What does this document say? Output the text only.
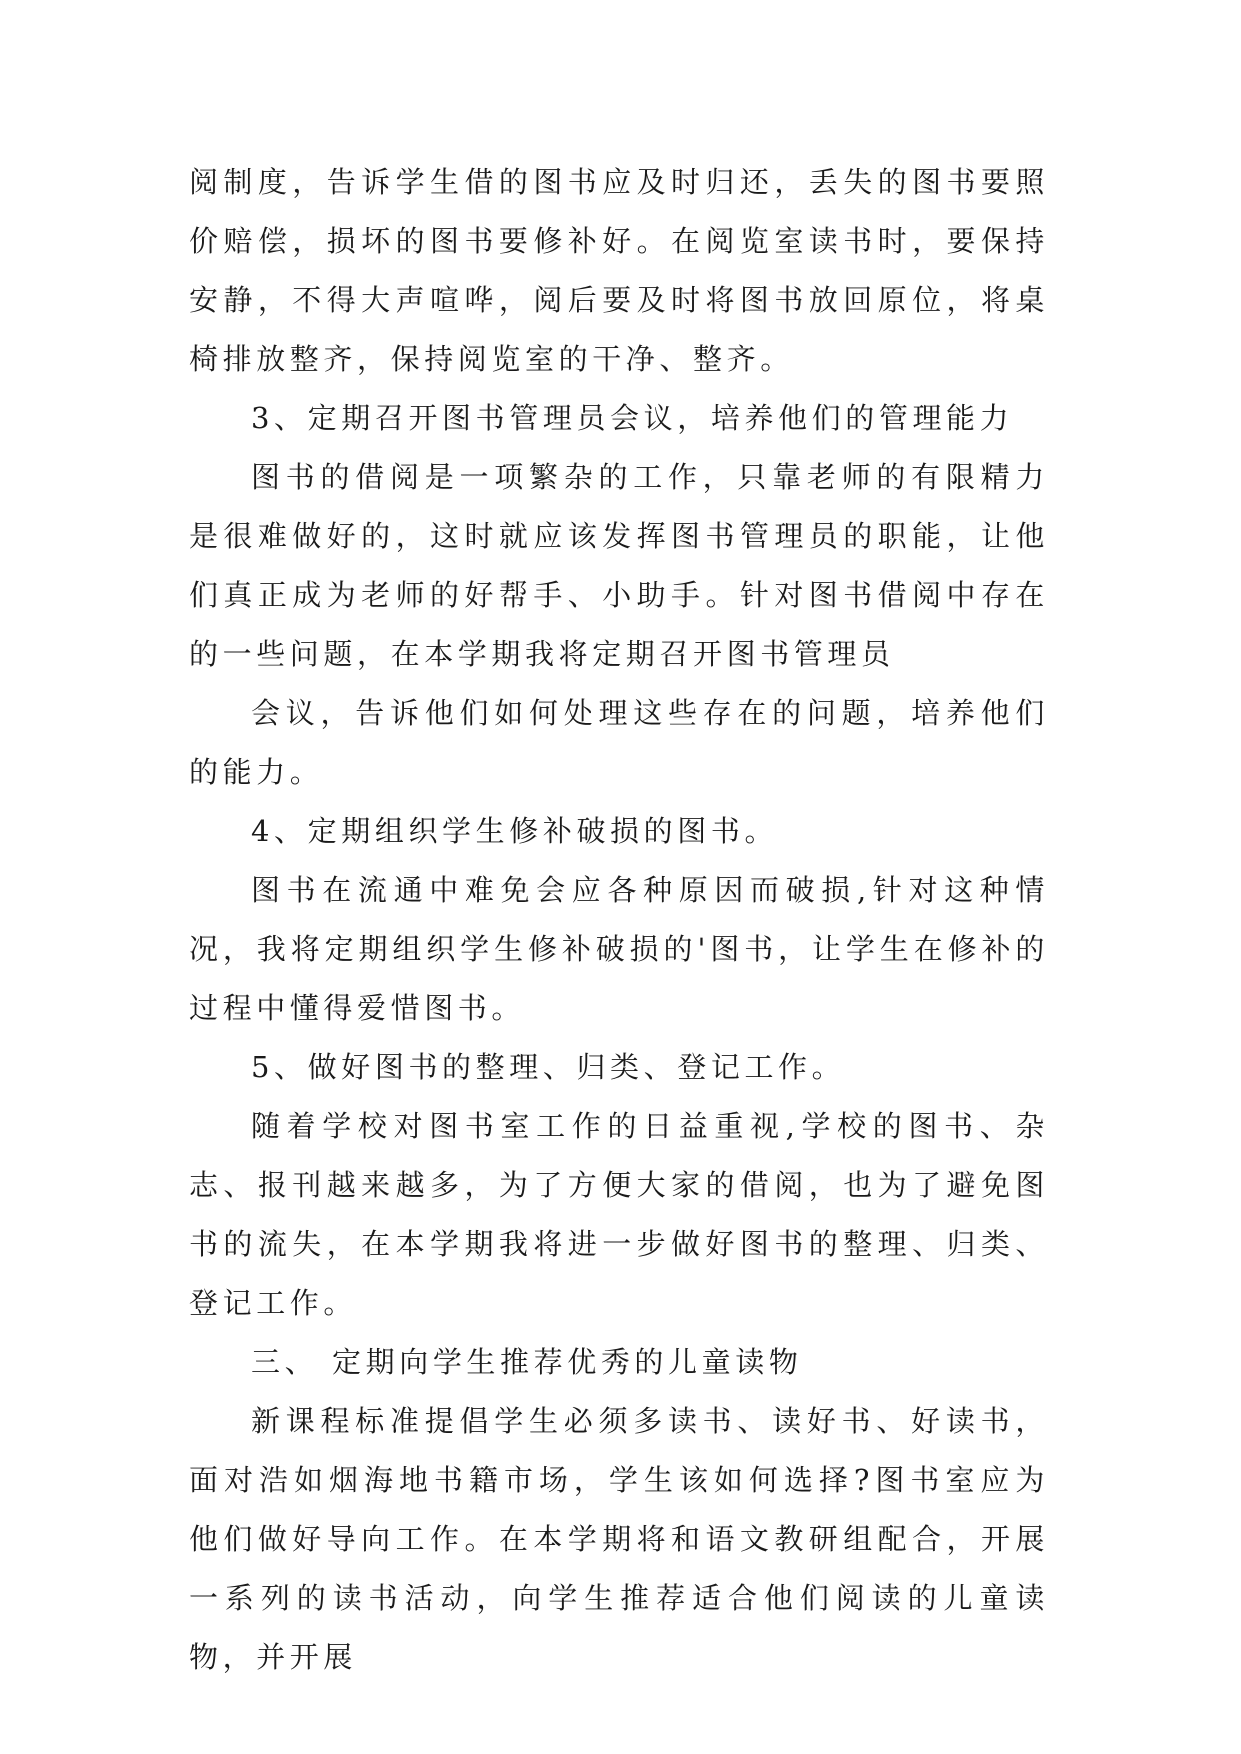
阅制度，告诉学生借的图书应及时归还，丢失的图书要照价赔偿，损坏的图书要修补好。在阅览室读书时，要保持安静，不得大声喧哗，阅后要及时将图书放回原位，将桌椅排放整齐，保持阅览室的干净、整齐。

3、定期召开图书管理员会议，培养他们的管理能力

图书的借阅是一项繁杂的工作，只靠老师的有限精力是很难做好的，这时就应该发挥图书管理员的职能，让他们真正成为老师的好帮手、小助手。针对图书借阅中存在的一些问题，在本学期我将定期召开图书管理员

会议，告诉他们如何处理这些存在的问题，培养他们的能力。

4、定期组织学生修补破损的图书。

图书在流通中难免会应各种原因而破损,针对这种情况，我将定期组织学生修补破损的'图书，让学生在修补的过程中懂得爱惜图书。

5、做好图书的整理、归类、登记工作。

随着学校对图书室工作的日益重视,学校的图书、杂志、报刊越来越多，为了方便大家的借阅，也为了避免图书的流失，在本学期我将进一步做好图书的整理、归类、登记工作。

三、 定期向学生推荐优秀的儿童读物

新课程标准提倡学生必须多读书、读好书、好读书，面对浩如烟海地书籍市场，学生该如何选择?图书室应为他们做好导向工作。在本学期将和语文教研组配合，开展一系列的读书活动，向学生推荐适合他们阅读的儿童读物，并开展
